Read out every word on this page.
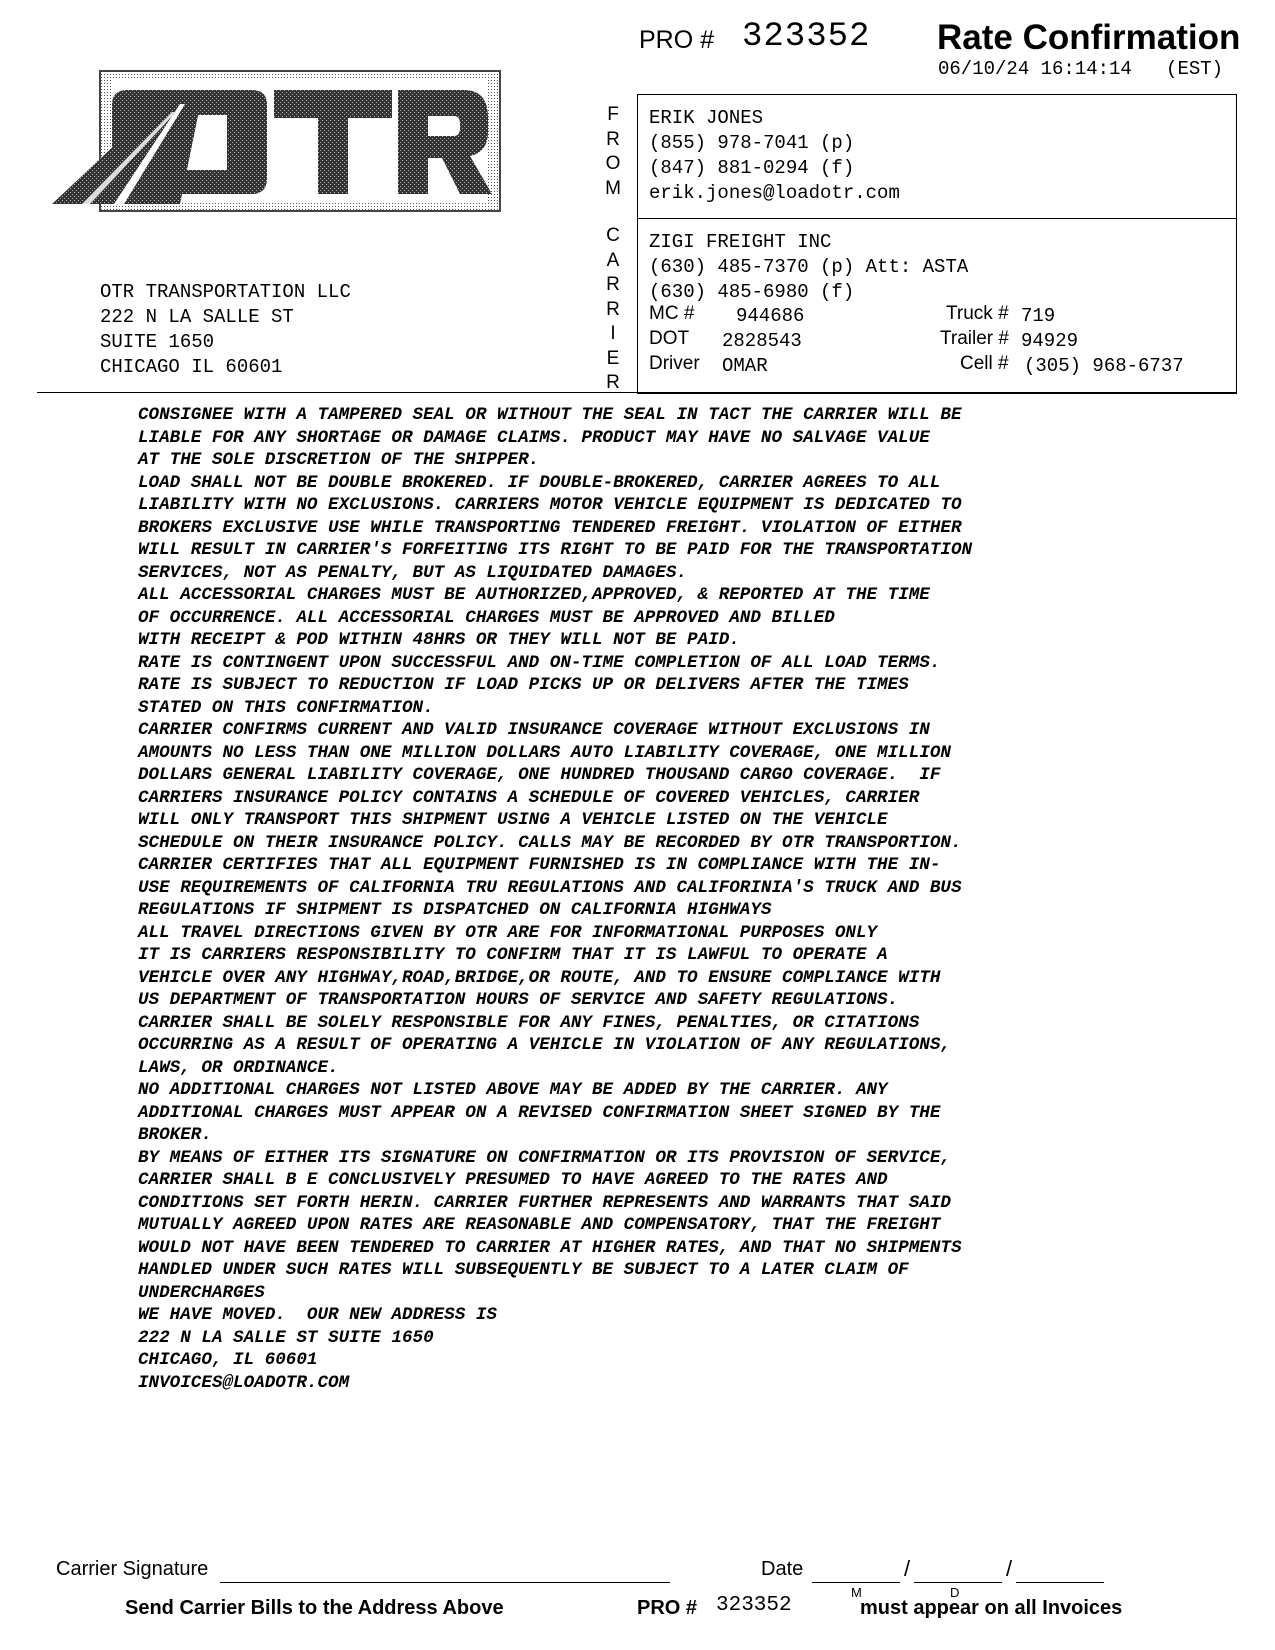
PRO # 323352 Rate Confirmation
06/10/24 16:14:14   (EST)
OTR TRANSPORTATION LLC
222 N LA SALLE ST
SUITE 1650
CHICAGO IL 60601
F
R
O
M
C
A
R
R
I
E
R
ERIK JONES
(855) 978-7041 (p)
(847) 881-0294 (f)
erik.jones@loadotr.com
ZIGI FREIGHT INC
(630) 485-7370 (p) Att: ASTA
(630) 485-6980 (f)
MC # 944686	Truck # 719
DOT 2828543	Trailer # 94929
Driver OMAR	Cell # (305) 968-6737
CONSIGNEE WITH A TAMPERED SEAL OR WITHOUT THE SEAL IN TACT THE CARRIER WILL BE
LIABLE FOR ANY SHORTAGE OR DAMAGE CLAIMS. PRODUCT MAY HAVE NO SALVAGE VALUE
AT THE SOLE DISCRETION OF THE SHIPPER.
LOAD SHALL NOT BE DOUBLE BROKERED. IF DOUBLE-BROKERED, CARRIER AGREES TO ALL
LIABILITY WITH NO EXCLUSIONS. CARRIERS MOTOR VEHICLE EQUIPMENT IS DEDICATED TO
BROKERS EXCLUSIVE USE WHILE TRANSPORTING TENDERED FREIGHT. VIOLATION OF EITHER
WILL RESULT IN CARRIER'S FORFEITING ITS RIGHT TO BE PAID FOR THE TRANSPORTATION
SERVICES, NOT AS PENALTY, BUT AS LIQUIDATED DAMAGES.
ALL ACCESSORIAL CHARGES MUST BE AUTHORIZED,APPROVED, & REPORTED AT THE TIME
OF OCCURRENCE. ALL ACCESSORIAL CHARGES MUST BE APPROVED AND BILLED
WITH RECEIPT & POD WITHIN 48HRS OR THEY WILL NOT BE PAID.
RATE IS CONTINGENT UPON SUCCESSFUL AND ON-TIME COMPLETION OF ALL LOAD TERMS.
RATE IS SUBJECT TO REDUCTION IF LOAD PICKS UP OR DELIVERS AFTER THE TIMES
STATED ON THIS CONFIRMATION.
CARRIER CONFIRMS CURRENT AND VALID INSURANCE COVERAGE WITHOUT EXCLUSIONS IN
AMOUNTS NO LESS THAN ONE MILLION DOLLARS AUTO LIABILITY COVERAGE, ONE MILLION
DOLLARS GENERAL LIABILITY COVERAGE, ONE HUNDRED THOUSAND CARGO COVERAGE.  IF
CARRIERS INSURANCE POLICY CONTAINS A SCHEDULE OF COVERED VEHICLES, CARRIER
WILL ONLY TRANSPORT THIS SHIPMENT USING A VEHICLE LISTED ON THE VEHICLE
SCHEDULE ON THEIR INSURANCE POLICY. CALLS MAY BE RECORDED BY OTR TRANSPORTION.
CARRIER CERTIFIES THAT ALL EQUIPMENT FURNISHED IS IN COMPLIANCE WITH THE IN-
USE REQUIREMENTS OF CALIFORNIA TRU REGULATIONS AND CALIFORINIA'S TRUCK AND BUS
REGULATIONS IF SHIPMENT IS DISPATCHED ON CALIFORNIA HIGHWAYS
ALL TRAVEL DIRECTIONS GIVEN BY OTR ARE FOR INFORMATIONAL PURPOSES ONLY
IT IS CARRIERS RESPONSIBILITY TO CONFIRM THAT IT IS LAWFUL TO OPERATE A
VEHICLE OVER ANY HIGHWAY,ROAD,BRIDGE,OR ROUTE, AND TO ENSURE COMPLIANCE WITH
US DEPARTMENT OF TRANSPORTATION HOURS OF SERVICE AND SAFETY REGULATIONS.
CARRIER SHALL BE SOLELY RESPONSIBLE FOR ANY FINES, PENALTIES, OR CITATIONS
OCCURRING AS A RESULT OF OPERATING A VEHICLE IN VIOLATION OF ANY REGULATIONS,
LAWS, OR ORDINANCE.
NO ADDITIONAL CHARGES NOT LISTED ABOVE MAY BE ADDED BY THE CARRIER. ANY
ADDITIONAL CHARGES MUST APPEAR ON A REVISED CONFIRMATION SHEET SIGNED BY THE
BROKER.
BY MEANS OF EITHER ITS SIGNATURE ON CONFIRMATION OR ITS PROVISION OF SERVICE,
CARRIER SHALL B E CONCLUSIVELY PRESUMED TO HAVE AGREED TO THE RATES AND
CONDITIONS SET FORTH HERIN. CARRIER FURTHER REPRESENTS AND WARRANTS THAT SAID
MUTUALLY AGREED UPON RATES ARE REASONABLE AND COMPENSATORY, THAT THE FREIGHT
WOULD NOT HAVE BEEN TENDERED TO CARRIER AT HIGHER RATES, AND THAT NO SHIPMENTS
HANDLED UNDER SUCH RATES WILL SUBSEQUENTLY BE SUBJECT TO A LATER CLAIM OF
UNDERCHARGES
WE HAVE MOVED.  OUR NEW ADDRESS IS
222 N LA SALLE ST SUITE 1650
CHICAGO, IL 60601
INVOICES@LOADOTR.COM
Carrier Signature	Date	/	/
M	D
Send Carrier Bills to the Address Above	PRO # 323352	must appear on all Invoices
